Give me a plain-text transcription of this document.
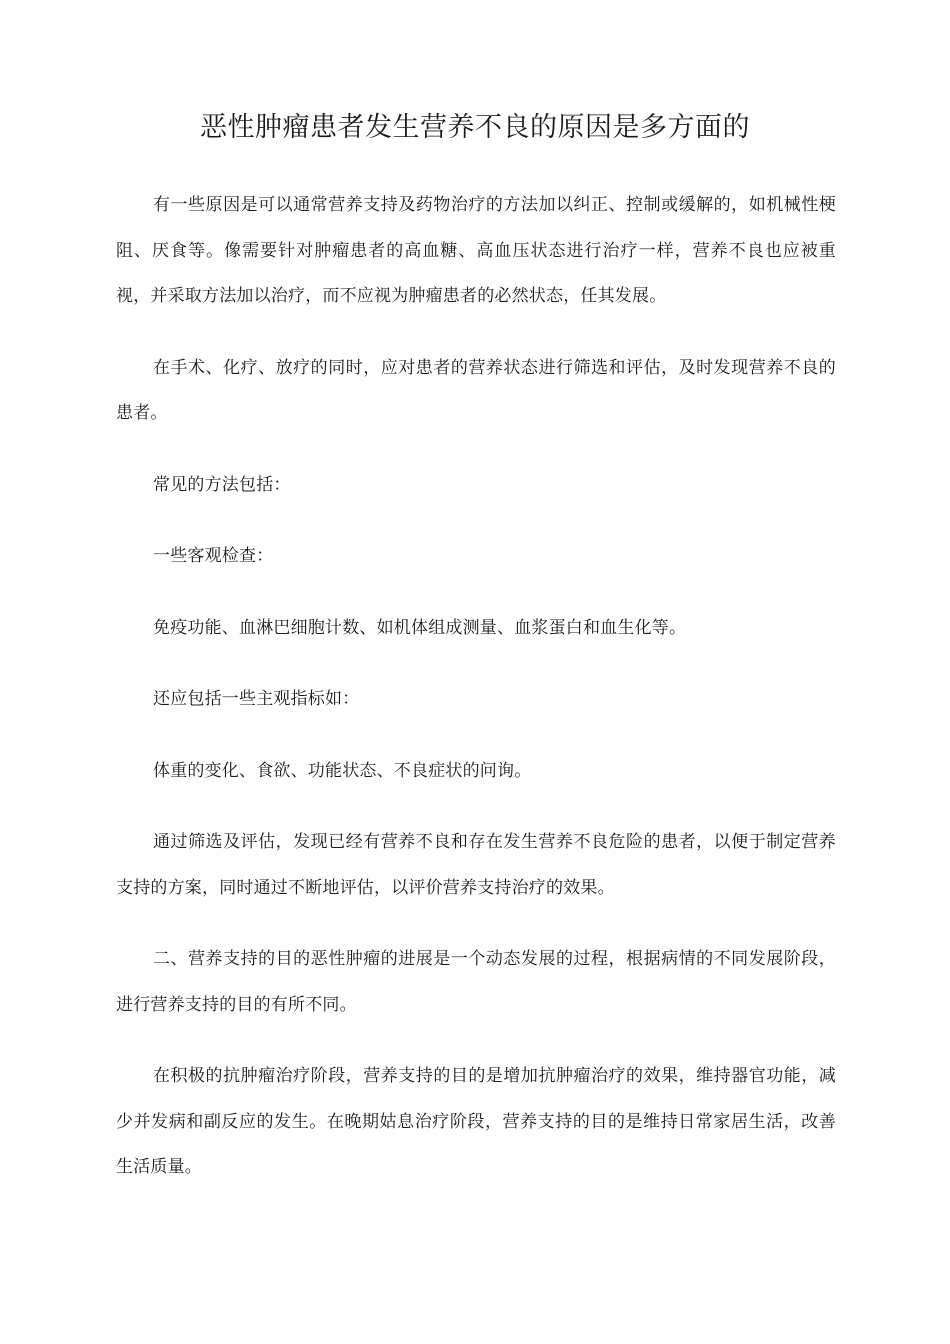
恶性肿瘤患者发生营养不良的原因是多方面的

有一些原因是可以通常营养支持及药物治疗的方法加以纠正、控制或缓解的，如机械性梗阻、厌食等。像需要针对肿瘤患者的高血糖、高血压状态进行治疗一样，营养不良也应被重视，并采取方法加以治疗，而不应视为肿瘤患者的必然状态，任其发展。

在手术、化疗、放疗的同时，应对患者的营养状态进行筛选和评估，及时发现营养不良的患者。

常见的方法包括：

一些客观检查：

免疫功能、血淋巴细胞计数、如机体组成测量、血浆蛋白和血生化等。

还应包括一些主观指标如：

体重的变化、食欲、功能状态、不良症状的问询。

通过筛选及评估，发现已经有营养不良和存在发生营养不良危险的患者，以便于制定营养支持的方案，同时通过不断地评估，以评价营养支持治疗的效果。

二、营养支持的目的恶性肿瘤的进展是一个动态发展的过程，根据病情的不同发展阶段，进行营养支持的目的有所不同。

在积极的抗肿瘤治疗阶段，营养支持的目的是增加抗肿瘤治疗的效果，维持器官功能，减少并发病和副反应的发生。在晚期姑息治疗阶段，营养支持的目的是维持日常家居生活，改善生活质量。
